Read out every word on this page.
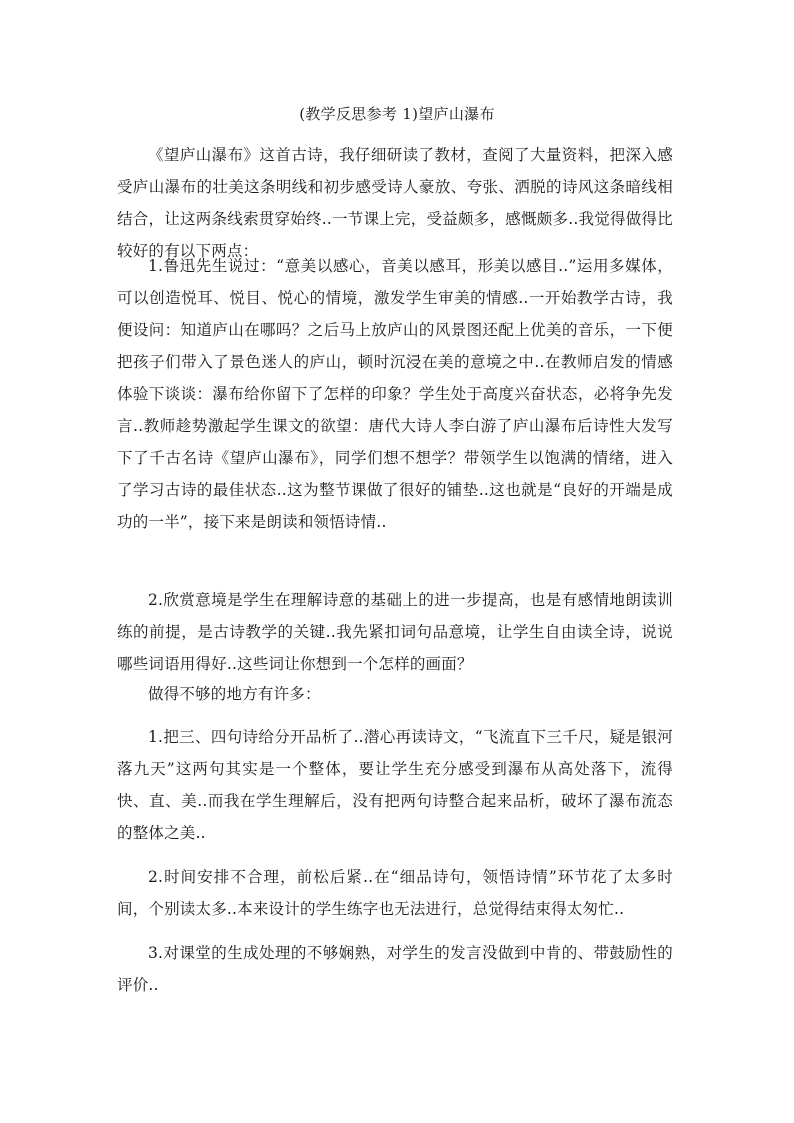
(教学反思参考 1)望庐山瀑布

《望庐山瀑布》这首古诗，我仔细研读了教材，查阅了大量资料，把深入感受庐山瀑布的壮美这条明线和初步感受诗人豪放、夸张、洒脱的诗风这条暗线相结合，让这两条线索贯穿始终..一节课上完，受益颇多，感慨颇多..我觉得做得比较好的有以下两点：

1.鲁迅先生说过：“意美以感心，音美以感耳，形美以感目..”运用多媒体，可以创造悦耳、悦目、悦心的情境，激发学生审美的情感..一开始教学古诗，我便设问：知道庐山在哪吗？之后马上放庐山的风景图还配上优美的音乐，一下便把孩子们带入了景色迷人的庐山，顿时沉浸在美的意境之中..在教师启发的情感体验下谈谈：瀑布给你留下了怎样的印象？学生处于高度兴奋状态，必将争先发言..教师趁势激起学生课文的欲望：唐代大诗人李白游了庐山瀑布后诗性大发写下了千古名诗《望庐山瀑布》，同学们想不想学？带领学生以饱满的情绪，进入了学习古诗的最佳状态..这为整节课做了很好的铺垫..这也就是“良好的开端是成功的一半”，接下来是朗读和领悟诗情..

2.欣赏意境是学生在理解诗意的基础上的进一步提高，也是有感情地朗读训练的前提，是古诗教学的关键..我先紧扣词句品意境，让学生自由读全诗，说说哪些词语用得好..这些词让你想到一个怎样的画面？

做得不够的地方有许多：

1.把三、四句诗给分开品析了..潜心再读诗文，“飞流直下三千尺，疑是银河落九天”这两句其实是一个整体，要让学生充分感受到瀑布从高处落下，流得快、直、美..而我在学生理解后，没有把两句诗整合起来品析，破坏了瀑布流态的整体之美..

2.时间安排不合理，前松后紧..在“细品诗句，领悟诗情”环节花了太多时间，个别读太多..本来设计的学生练字也无法进行，总觉得结束得太匆忙..

3.对课堂的生成处理的不够娴熟，对学生的发言没做到中肯的、带鼓励性的评价..
